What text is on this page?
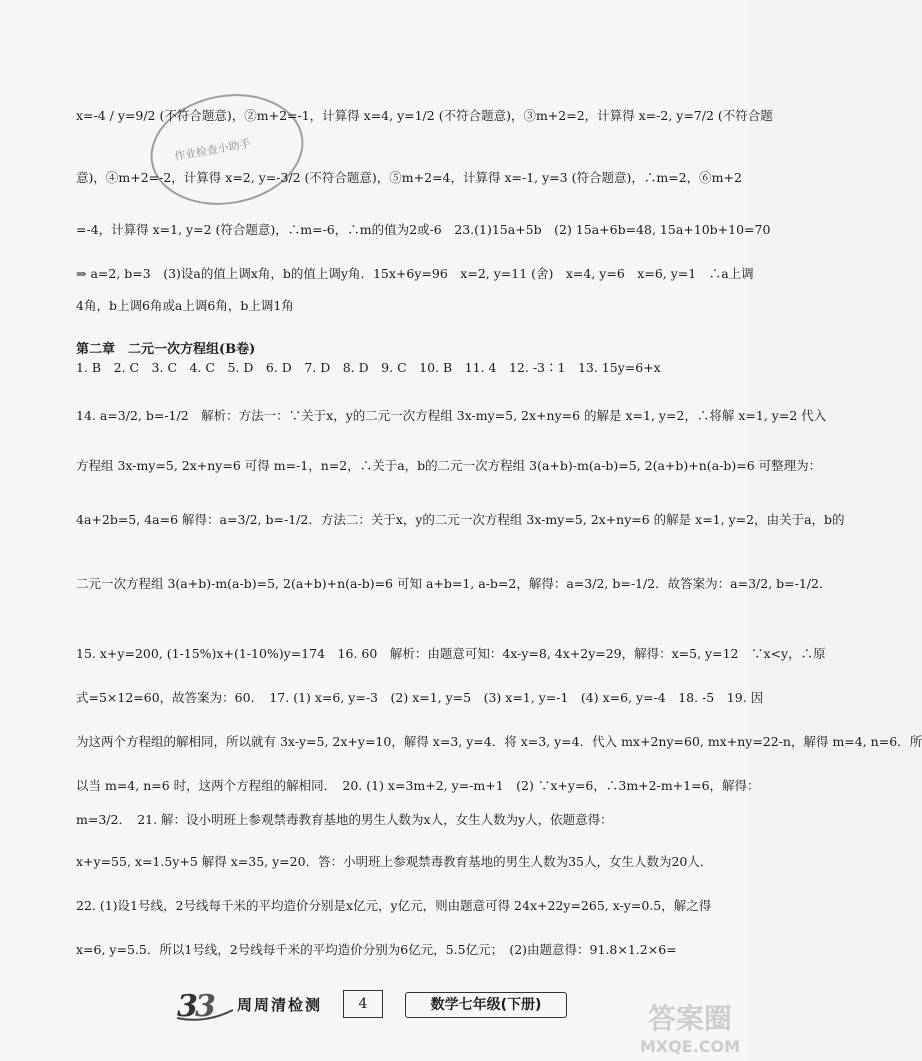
作业检查小助手
x=-4 / y=9/2 (不符合题意)，②m+2=-1，计算得 x=4, y=1/2 (不符合题意)，③m+2=2，计算得 x=-2, y=7/2 (不符合题
意)，④m+2=-2，计算得 x=2, y=-3/2 (不符合题意)，⑤m+2=4，计算得 x=-1, y=3 (符合题意)，∴m=2，⑥m+2
=-4，计算得 x=1, y=2 (符合题意)，∴m=-6，∴m的值为2或-6　23.(1)15a+5b　(2) 15a+6b=48, 15a+10b+10=70
⇒ a=2, b=3　(3)设a的值上调x角，b的值上调y角．15x+6y=96　x=2, y=11 (舍)　x=4, y=6　x=6, y=1　∴a上调
4角，b上调6角或a上调6角，b上调1角
第二章　二元一次方程组(B卷)
1. B　2. C　3. C　4. C　5. D　6. D　7. D　8. D　9. C　10. B　11. 4　12. -3∶1　13. 15y=6+x
14. a=3/2, b=-1/2　解析：方法一：∵关于x，y的二元一次方程组 3x-my=5, 2x+ny=6 的解是 x=1, y=2，∴将解 x=1, y=2 代入
方程组 3x-my=5, 2x+ny=6 可得 m=-1，n=2，∴关于a，b的二元一次方程组 3(a+b)-m(a-b)=5, 2(a+b)+n(a-b)=6 可整理为：
4a+2b=5, 4a=6 解得：a=3/2, b=-1/2．方法二：关于x，y的二元一次方程组 3x-my=5, 2x+ny=6 的解是 x=1, y=2，由关于a，b的
二元一次方程组 3(a+b)-m(a-b)=5, 2(a+b)+n(a-b)=6 可知 a+b=1, a-b=2，解得：a=3/2, b=-1/2．故答案为：a=3/2, b=-1/2．
15. x+y=200, (1-15%)x+(1-10%)y=174　16. 60　解析：由题意可知：4x-y=8, 4x+2y=29，解得：x=5, y=12　∵x<y，∴原
式=5×12=60，故答案为：60．　17. (1) x=6, y=-3　(2) x=1, y=5　(3) x=1, y=-1　(4) x=6, y=-4　18. -5　19. 因
为这两个方程组的解相同，所以就有 3x-y=5, 2x+y=10，解得 x=3, y=4．将 x=3, y=4．代入 mx+2ny=60, mx+ny=22-n，解得 m=4, n=6．所
以当 m=4, n=6 时，这两个方程组的解相同．　20. (1) x=3m+2, y=-m+1　(2) ∵x+y=6，∴3m+2-m+1=6，解得：
m=3/2．　21. 解：设小明班上参观禁毒教育基地的男生人数为x人，女生人数为y人，依题意得：
x+y=55, x=1.5y+5 解得 x=35, y=20．答：小明班上参观禁毒教育基地的男生人数为35人，女生人数为20人．
22. (1)设1号线，2号线每千米的平均造价分别是x亿元，y亿元，则由题意可得 24x+22y=265, x-y=0.5，解之得
x=6, y=5.5．所以1号线，2号线每千米的平均造价分别为6亿元，5.5亿元；　(2)由题意得：91.8×1.2×6=
3
3 周周清检测	4	数学七年级(下册)	答案圈
MXQE.COM
